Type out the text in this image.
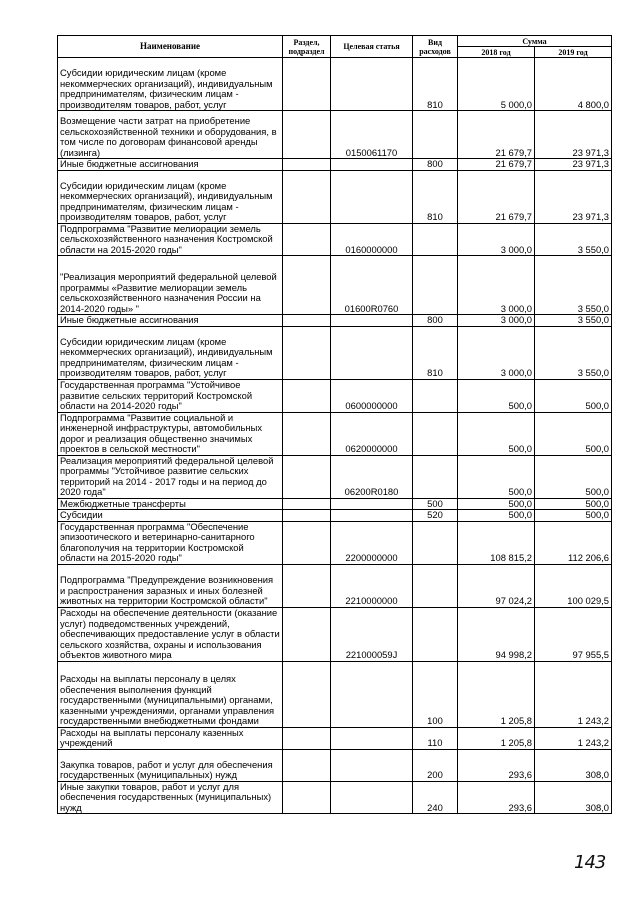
Наименование	Раздел, подраздел	Целевая статья	Вид расходов	Сумма	
				2018 год	2019 год
Субсидии юридическим лицам (кроме некоммерческих организаций), индивидуальным предпринимателям, физическим лицам - производителям товаров, работ, услуг			810	5 000,0	4 800,0
Возмещение части затрат на приобретение сельскохозяйственной техники и оборудования, в том числе по договорам финансовой аренды (лизинга)		0150061170		21 679,7	23 971,3
Иные бюджетные ассигнования			800	21 679,7	23 971,3
Субсидии юридическим лицам (кроме некоммерческих организаций), индивидуальным предпринимателям, физическим лицам - производителям товаров, работ, услуг			810	21 679,7	23 971,3
Подпрограмма "Развитие мелиорации земель сельскохозяйственного назначения Костромской области на 2015-2020 годы"		0160000000		3 000,0	3 550,0
"Реализация мероприятий федеральной целевой программы «Развитие мелиорации земель сельскохозяйственного назначения России на 2014-2020 годы» "		01600R0760		3 000,0	3 550,0
Иные бюджетные ассигнования			800	3 000,0	3 550,0
Субсидии юридическим лицам (кроме некоммерческих организаций), индивидуальным предпринимателям, физическим лицам - производителям товаров, работ, услуг			810	3 000,0	3 550,0
Государственная программа "Устойчивое развитие сельских территорий Костромской области на 2014-2020 годы"		0600000000		500,0	500,0
Подпрограмма "Развитие социальной и инженерной инфраструктуры, автомобильных дорог и реализация общественно значимых проектов в сельской местности"		0620000000		500,0	500,0
Реализация мероприятий федеральной целевой программы "Устойчивое развитие сельских территорий на 2014 - 2017 годы и на период до 2020 года"		06200R0180		500,0	500,0
Межбюджетные трансферты			500	500,0	500,0
Субсидии			520	500,0	500,0
Государственная программа "Обеспечение эпизоотического и ветеринарно-санитарного благополучия на территории Костромской области на 2015-2020 годы"		2200000000		108 815,2	112 206,6
Подпрограмма "Предупреждение возникновения и распространения заразных и иных болезней животных на территории Костромской области"		2210000000		97 024,2	100 029,5
Расходы на обеспечение деятельности (оказание услуг) подведомственных учреждений, обеспечивающих предоставление услуг в области сельского хозяйства, охраны и использования объектов животного мира		221000059J		94 998,2	97 955,5
Расходы на выплаты персоналу в целях обеспечения выполнения функций государственными (муниципальными) органами, казенными учреждениями, органами управления государственными внебюджетными фондами			100	1 205,8	1 243,2
Расходы на выплаты персоналу казенных учреждений			110	1 205,8	1 243,2
Закупка товаров, работ и услуг для обеспечения государственных (муниципальных) нужд			200	293,6	308,0
Иные закупки товаров, работ и услуг для обеспечения государственных (муниципальных) нужд			240	293,6	308,0
143
